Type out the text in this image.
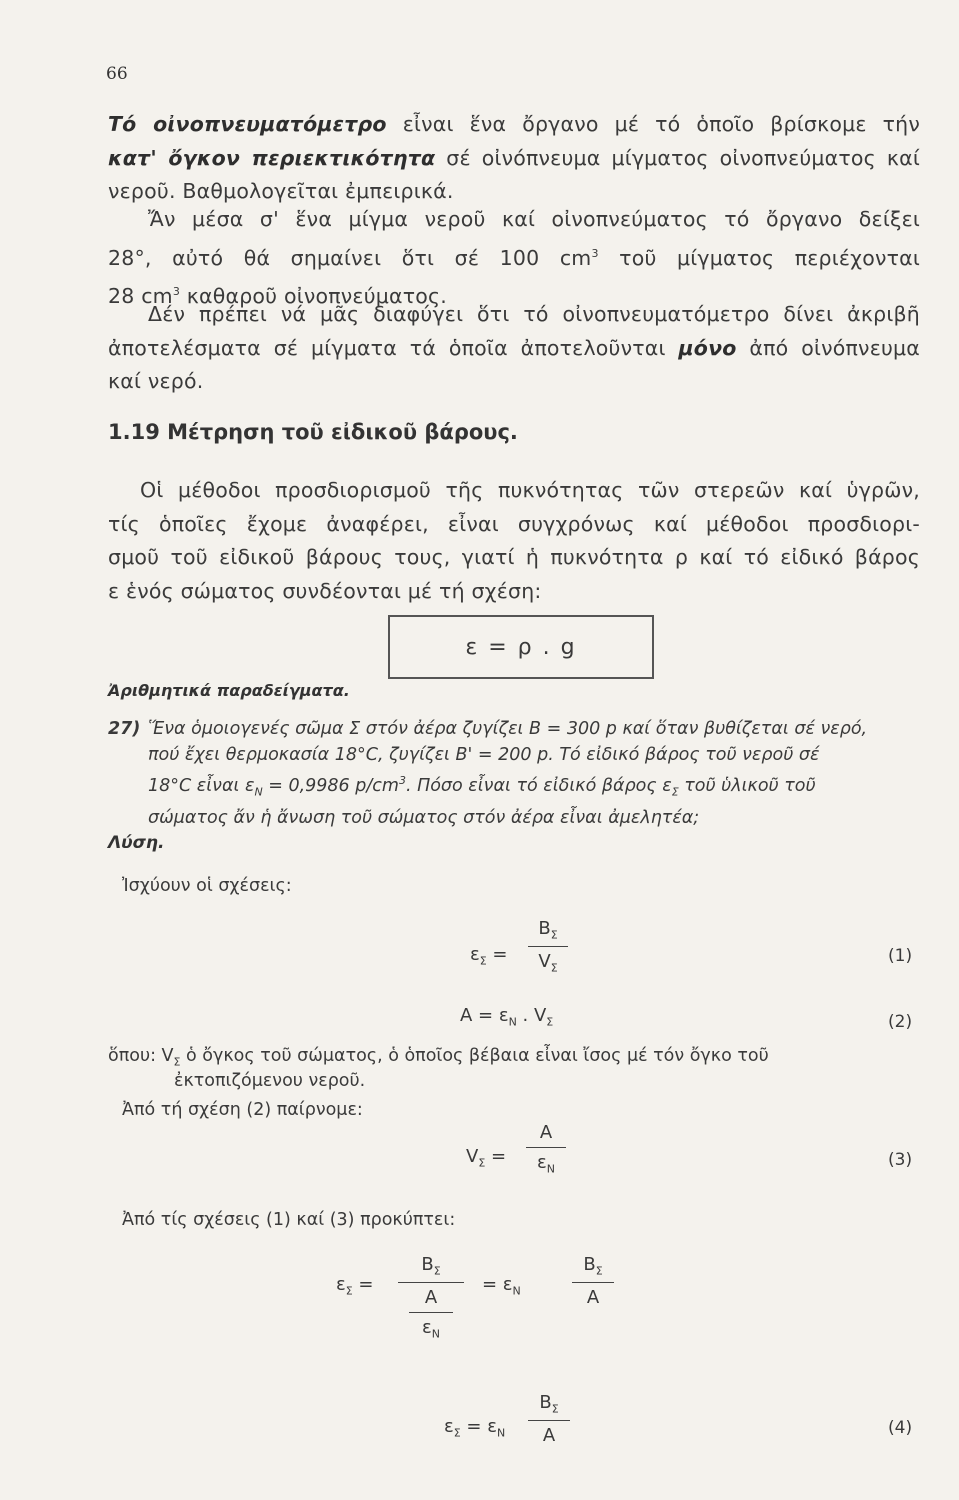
66
Τό οἰνοπνευματόμετρο εἶναι ἕνα ὄργανο μέ τό ὁποῖο βρίσκομε τήν
κατ' ὄγκον περιεκτικότητα σέ οἰνόπνευμα μίγματος οἰνοπνεύματος καί
νεροῦ. Βαθμολογεῖται ἐμπειρικά.
Ἄν μέσα σ' ἕνα μίγμα νεροῦ καί οἰνοπνεύματος τό ὄργανο δείξει
28°, αὐτό θά σημαίνει ὅτι σέ 100 $cm^3$ τοῦ μίγματος περιέχονται
28 $cm^3$ καθαροῦ οἰνοπνεύματος.
Δέν πρέπει νά μᾶς διαφύγει ὅτι τό οἰνοπνευματόμετρο δίνει ἀκριβῆ
ἀποτελέσματα σέ μίγματα τά ὁποῖα ἀποτελοῦνται μόνο ἀπό οἰνόπνευμα
καί νερό.
1.19 Μέτρηση τοῦ εἰδικοῦ βάρους.
Οἱ μέθοδοι προσδιορισμοῦ τῆς πυκνότητας τῶν στερεῶν καί ὑγρῶν,
τίς ὁποῖες ἔχομε ἀναφέρει, εἶναι συγχρόνως καί μέθοδοι προσδιορι-
σμοῦ τοῦ εἰδικοῦ βάρους τους, γιατί ἡ πυκνότητα ρ καί τό εἰδικό βάρος
ε ἑνός σώματος συνδέονται μέ τή σχέση:
ε = ρ . g
Ἀριθμητικά παραδείγματα.
27) Ἕνα ὁμοιογενές σῶμα Σ στόν ἀέρα ζυγίζει Β = 300 p καί ὅταν βυθίζεται σέ νερό,
πού ἔχει θερμοκασία 18°C, ζυγίζει Β' = 200 p. Τό εἰδικό βάρος τοῦ νεροῦ σέ
18°C εἶναι $\varepsilon_N = 0,9986$ $p/cm^3$. Πόσο εἶναι τό εἰδικό βάρος $\varepsilon_\Sigma$ τοῦ ὑλικοῦ τοῦ
σώματος ἄν ἡ ἄνωση τοῦ σώματος στόν ἀέρα εἶναι ἀμελητέα;
Λύση.
Ἰσχύουν οἱ σχέσεις:
$\varepsilon_\Sigma$ =
$B_\Sigma$
$V_\Sigma$
(1)
$A = \varepsilon_N$ . $V_\Sigma$	(2)
ὅπου: $V_\Sigma$ ὁ ὄγκος τοῦ σώματος, ὁ ὁποῖος βέβαια εἶναι ἴσος μέ τόν ὄγκο τοῦ
ἐκτοπιζόμενου νεροῦ.
Ἀπό τή σχέση (2) παίρνομε:
$V_\Sigma$ =
Α
$\varepsilon_N$	(3)
Ἀπό τίς σχέσεις (1) καί (3) προκύπτει:
$\varepsilon_\Sigma$ =
$B_\Sigma$
Α
$\varepsilon_N$
= $\varepsilon_N$
$B_\Sigma$
Α
$\varepsilon_\Sigma = \varepsilon_N$
$B_\Sigma$
Α	(4)
